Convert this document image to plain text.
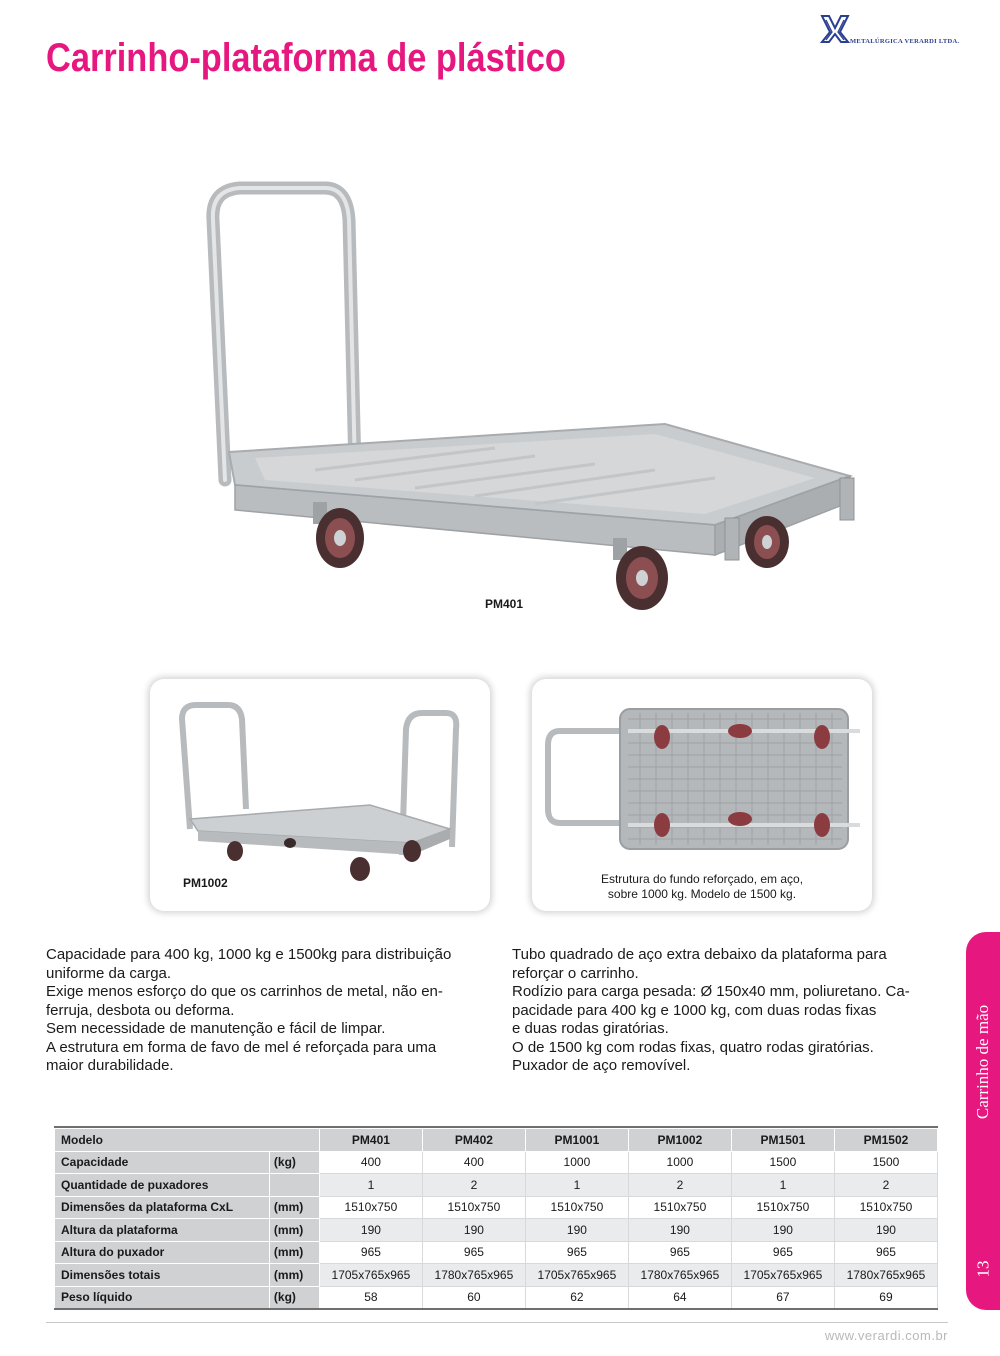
Carrinho-plataforma de plástico	METALÚRGICA VERARDI LTDA.
PM401
PM1002	Estrutura do fundo reforçado, em aço,
sobre 1000 kg. Modelo de 1500 kg.

Capacidade para 400 kg, 1000 kg e 1500kg para distribuição

uniforme da carga.

Exige menos esforço do que os carrinhos de metal, não en-

ferruja, desbota ou deforma.

Sem necessidade de manutenção e fácil de limpar.

A estrutura em forma de favo de mel é reforçada para uma

maior durabilidade.

Tubo quadrado de aço extra debaixo da plataforma para

reforçar o carrinho.

Rodízio para carga pesada: Ø 150x40 mm, poliuretano. Ca-

pacidade para 400 kg e 1000 kg, com duas rodas fixas

e duas rodas giratórias.

O de 1500 kg com rodas fixas, quatro rodas giratórias.

Puxador de aço removível.

Modelo		PM401	PM402	PM1001	PM1002	PM1501	PM1502
Capacidade	(kg)	400	400	1000	1000	1500	1500
Quantidade de puxadores		1	2	1	2	1	2
Dimensões da plataforma CxL	(mm)	1510x750	1510x750	1510x750	1510x750	1510x750	1510x750
Altura da plataforma	(mm)	190	190	190	190	190	190
Altura do puxador	(mm)	965	965	965	965	965	965
Dimensões totais	(mm)	1705x765x965	1780x765x965	1705x765x965	1780x765x965	1705x765x965	1780x765x965
Peso líquido	(kg)	58	60	62	64	67	69
www.verardi.com.br
Carrinho de mão
13
